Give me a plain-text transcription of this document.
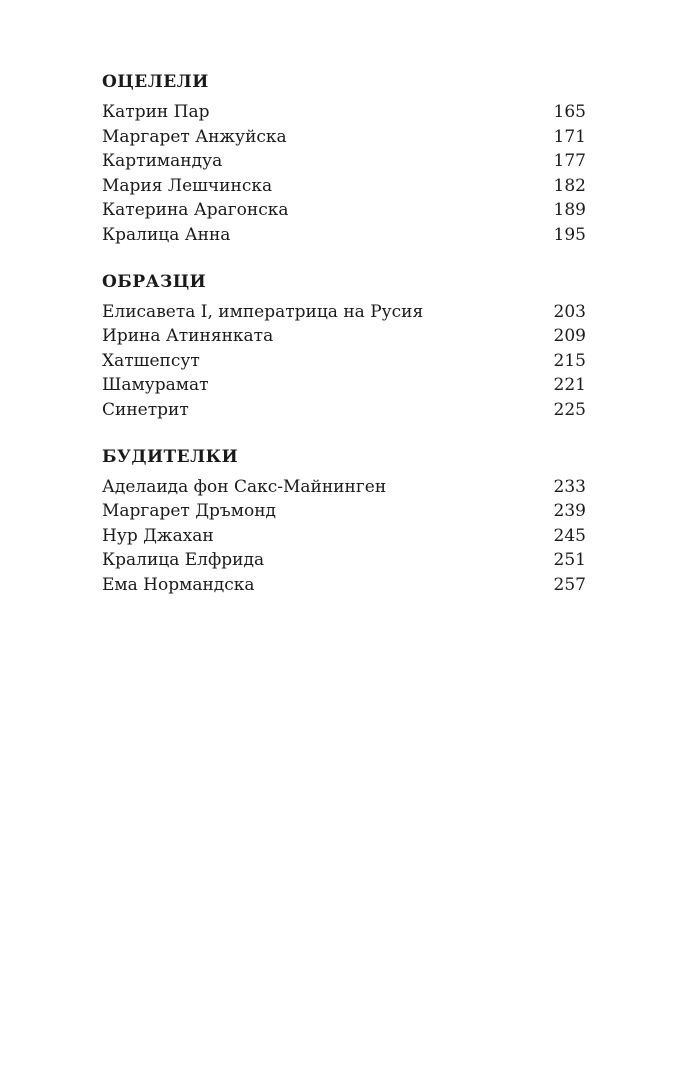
ОЦЕЛЕЛИ
Катрин Пар	165
Маргарет Анжуйска	171
Картимандуа	177
Мария Лешчинска	182
Катерина Арагонска	189
Кралица Анна	195
ОБРАЗЦИ
Елисавета I, императрица на Русия	203
Ирина Атинянката	209
Хатшепсут	215
Шамурамат	221
Синетрит	225
БУДИТЕЛКИ
Аделаида фон Сакс-Майнинген	233
Маргарет Дръмонд	239
Нур Джахан	245
Кралица Елфрида	251
Ема Нормандска	257
